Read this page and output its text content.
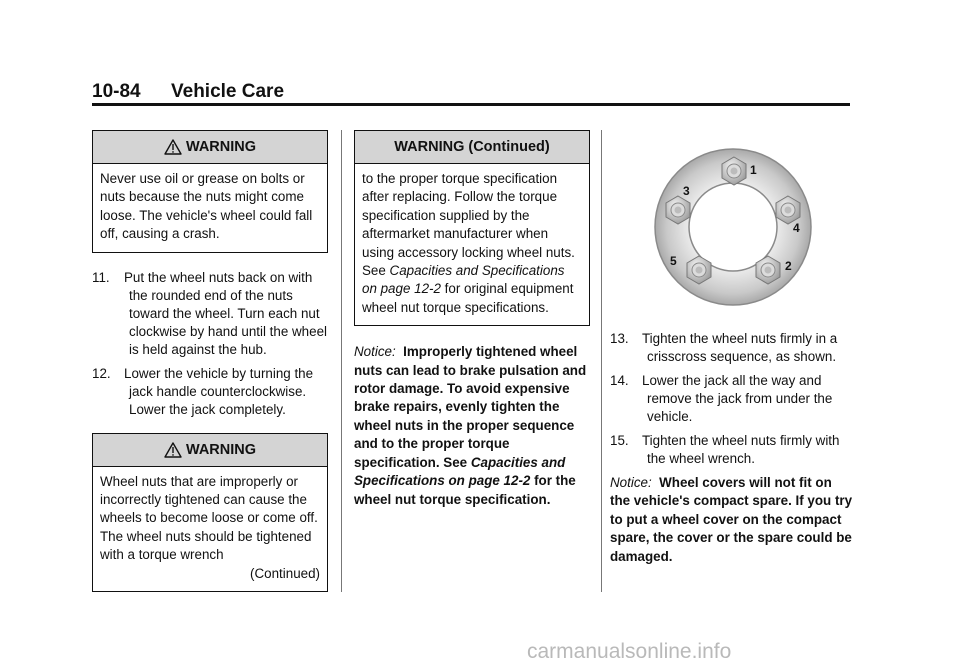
10-84 Vehicle Care
WARNING
Never use oil or grease on bolts or nuts because the nuts might come loose. The vehicle's wheel could fall off, causing a crash.
11. Put the wheel nuts back on with the rounded end of the nuts toward the wheel. Turn each nut clockwise by hand until the wheel is held against the hub.
12. Lower the vehicle by turning the jack handle counterclockwise. Lower the jack completely.
WARNING
Wheel nuts that are improperly or incorrectly tightened can cause the wheels to become loose or come off. The wheel nuts should be tightened with a torque wrench
(Continued)
WARNING (Continued)
to the proper torque specification after replacing. Follow the torque specification supplied by the aftermarket manufacturer when using accessory locking wheel nuts. See Capacities and Specifications on page 12-2 for original equipment wheel nut torque specifications.
Notice: Improperly tightened wheel nuts can lead to brake pulsation and rotor damage. To avoid expensive brake repairs, evenly tighten the wheel nuts in the proper sequence and to the proper torque specification. See Capacities and Specifications on page 12-2 for the wheel nut torque specification.
1
2
3
4
5
13. Tighten the wheel nuts firmly in a crisscross sequence, as shown.
14. Lower the jack all the way and remove the jack from under the vehicle.
15. Tighten the wheel nuts firmly with the wheel wrench.
Notice: Wheel covers will not fit on the vehicle's compact spare. If you try to put a wheel cover on the compact spare, the cover or the spare could be damaged.
carmanualsonline.info
